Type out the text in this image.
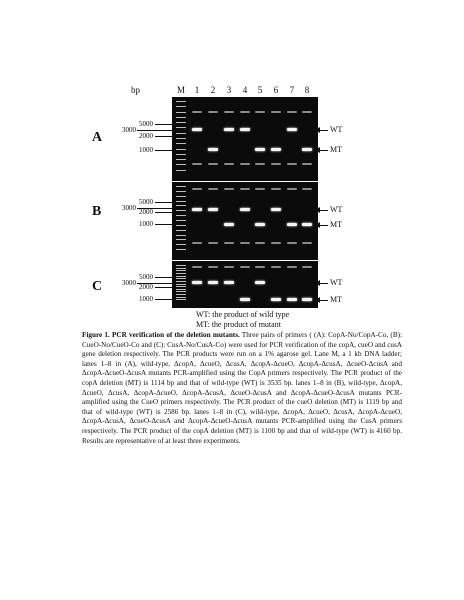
bp	M	1	2	3	4	5	6	7	8
A	3000
5000
2000
1000
WT
MT
B	3000
5000
2000
1000
WT
MT
C	3000
5000
2000
1000
WT
MT
WT: the product of wild type
MT: the product of mutant
Figure 1. PCR verification of the deletion mutants. Three pairs of primers ( (A): CopA-No/CopA-Co, (B): CueO-No/CueO-Co and (C): CusA-No/CusA-Co) were used for PCR verification of the copA, cueO and cusA gene deletion respectively. The PCR products were run on a 1% agarose gel. Lane M, a 1 kb DNA ladder; lanes 1–8 in (A), wild-type, ΔcopA, ΔcueO, ΔcusA, ΔcopA-ΔcueO, ΔcopA-ΔcusA, ΔcueO-ΔcusA and ΔcopA-ΔcueO-ΔcusA mutants PCR-amplified using the CopA primers respectively. The PCR product of the copA deletion (MT) is 1114 bp and that of wild-type (WT) is 3535 bp. lanes 1–8 in (B), wild-type, ΔcopA, ΔcueO, ΔcusA, ΔcopA-ΔcueO, ΔcopA-ΔcusA, ΔcueO-ΔcusA and ΔcopA-ΔcueO-ΔcusA mutants PCR-amplified using the CueO primers respectively. The PCR product of the cueO deletion (MT) is 1119 bp and that of wild-type (WT) is 2586 bp. lanes 1–8 in (C), wild-type, ΔcopA, ΔcueO, ΔcusA, ΔcopA-ΔcueO, ΔcopA-ΔcusA, ΔcueO-ΔcusA and ΔcopA-ΔcueO-ΔcusA mutants PCR-amplified using the CusA primers respectively. The PCR product of the copA deletion (MT) is 1100 bp and that of wild-type (WT) is 4160 bp. Results are representative of at least three experiments.
